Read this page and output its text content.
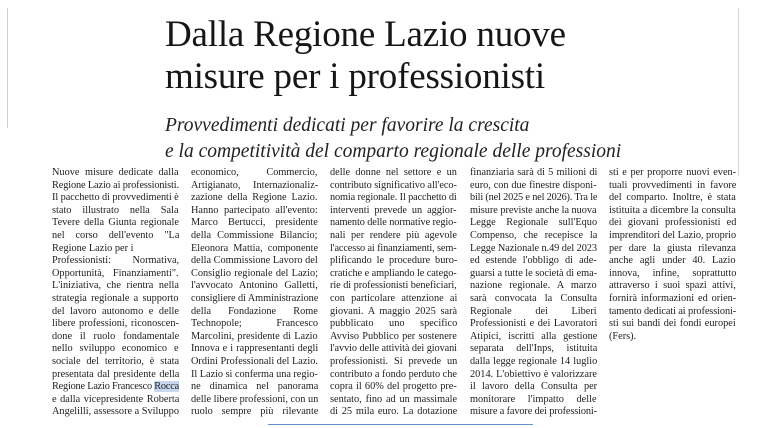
Dalla Regione Lazio nuove
misure per i professionisti
Provvedimenti dedicati per favorire la crescita
e la competitività del comparto regionale delle professioni
Nuove misure dedicate dalla
Regione Lazio ai professionisti.
Il pacchetto di provvedimenti è
stato illustrato nella Sala
Tevere della Giunta regionale
nel corso dell'evento "La
Regione Lazio per i
Professionisti: Normativa,
Opportunità, Finanziamenti".
L'iniziativa, che rientra nella
strategia regionale a supporto
del lavoro autonomo e delle
libere professioni, riconoscen-
done il ruolo fondamentale
nello sviluppo economico e
sociale del territorio, è stata
presentata dal presidente della
Regione Lazio Francesco Rocca
e dalla vicepresidente Roberta
Angelilli, assessore a Sviluppo
economico, Commercio,
Artigianato, Internazionaliz-
zazione della Regione Lazio.
Hanno partecipato all'evento:
Marco Bertucci, presidente
della Commissione Bilancio;
Eleonora Mattia, componente
della Commissione Lavoro del
Consiglio regionale del Lazio;
l'avvocato Antonino Galletti,
consigliere di Amministrazione
della Fondazione Rome
Technopole; Francesco
Marcolini, presidente di Lazio
Innova e i rappresentanti degli
Ordini Professionali del Lazio.
Il Lazio si conferma una regio-
ne dinamica nel panorama
delle libere professioni, con un
ruolo sempre più rilevante
delle donne nel settore e un
contributo significativo all'eco-
nomia regionale. Il pacchetto di
interventi prevede un aggior-
namento delle normative regio-
nali per rendere più agevole
l'accesso ai finanziamenti, sem-
plificando le procedure buro-
cratiche e ampliando le catego-
rie di professionisti beneficiari,
con particolare attenzione ai
giovani. A maggio 2025 sarà
pubblicato uno specifico
Avviso Pubblico per sostenere
l'avvio delle attività dei giovani
professionisti. Si prevede un
contributo a fondo perduto che
copra il 60% del progetto pre-
sentato, fino ad un massimale
di 25 mila euro. La dotazione
finanziaria sarà di 5 milioni di
euro, con due finestre disponi-
bili (nel 2025 e nel 2026). Tra le
misure previste anche la nuova
Legge Regionale sull'Equo
Compenso, che recepisce la
Legge Nazionale n.49 del 2023
ed estende l'obbligo di ade-
guarsi a tutte le società di ema-
nazione regionale. A marzo
sarà convocata la Consulta
Regionale dei Liberi
Professionisti e dei Lavoratori
Atipici, iscritti alla gestione
separata dell'Inps, istituita
dalla legge regionale 14 luglio
2014. L'obiettivo è valorizzare
il lavoro della Consulta per
monitorare l'impatto delle
misure a favore dei professioni-
sti e per proporre nuovi even-
tuali provvedimenti in favore
del comparto. Inoltre, è stata
istituita a dicembre la consulta
dei giovani professionisti ed
imprenditori del Lazio, proprio
per dare la giusta rilevanza
anche agli under 40. Lazio
innova, infine, soprattutto
attraverso i suoi spazi attivi,
fornirà informazioni ed orien-
tamento dedicati ai professioni-
sti sui bandi dei fondi europei
(Fers).
